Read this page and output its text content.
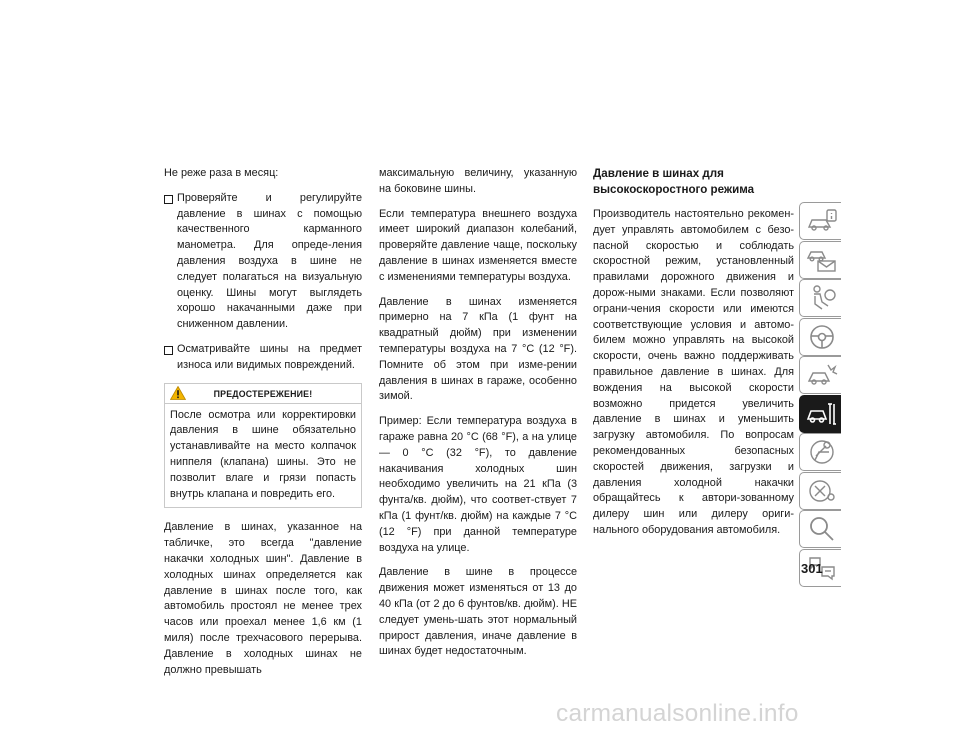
Не реже раза в месяц:

Проверяйте и регулируйте давление в шинах с помощью качественного карманного манометра. Для опреде-ления давления воздуха в шине не следует полагаться на визуальную оценку. Шины могут выглядеть хорошо накачанными даже при сниженном давлении.
Осматривайте шины на предмет износа или видимых повреждений.
ПРЕДОСТЕРЕЖЕНИЕ!

После осмотра или корректировки давления в шине обязательно устанавливайте на место колпачок ниппеля (клапана) шины. Это не позволит влаге и грязи попасть внутрь клапана и повредить его.

Давление в шинах, указанное на табличке, это всегда "давление накачки холодных шин". Давление в холодных шинах определяется как давление в шинах после того, как автомобиль простоял не менее трех часов или проехал менее 1,6 км (1 миля) после трехчасового перерыва. Давление в холодных шинах не должно превышать

максимальную величину, указанную на боковине шины.

Если температура внешнего воздуха имеет широкий диапазон колебаний, проверяйте давление чаще, поскольку давление в шинах изменяется вместе с изменениями температуры воздуха.

Давление в шинах изменяется примерно на 7 кПа (1 фунт на квадратный дюйм) при изменении температуры воздуха на 7 °C (12 °F). Помните об этом при изме-рении давления в шинах в гараже, особенно зимой.

Пример: Если температура воздуха в гараже равна 20 °C (68 °F), а на улице — 0 °C (32 °F), то давление накачивания холодных шин необходимо увеличить на 21 кПа (3 фунта/кв. дюйм), что соответ-ствует 7 кПа (1 фунт/кв. дюйм) на каждые 7 °C (12 °F) при данной температуре воздуха на улице.

Давление в шине в процессе движения может изменяться от 13 до 40 кПа (от 2 до 6 фунтов/кв. дюйм). НЕ следует умень-шать этот нормальный прирост давления, иначе давление в шинах будет недостаточным.

Давление в шинах для
высокоскоростного режима

Производитель настоятельно рекомен-дует управлять автомобилем с безо-пасной скоростью и соблюдать скоростной режим, установленный правилами дорожного движения и дорож-ными знаками. Если позволяют ограни-чения скорости или имеются соответствующие условия и автомо-билем можно управлять на высокой скорости, очень важно поддерживать правильное давление в шинах. Для вождения на высокой скорости возможно придется увеличить давление в шинах и уменьшить загрузку автомобиля. По вопросам рекомендованных безопасных скоростей движения, загрузки и давления холодной накачки обращайтесь к автори-зованному дилеру шин или дилеру ориги-нального оборудования автомобиля.

301
carmanualsonline.info
